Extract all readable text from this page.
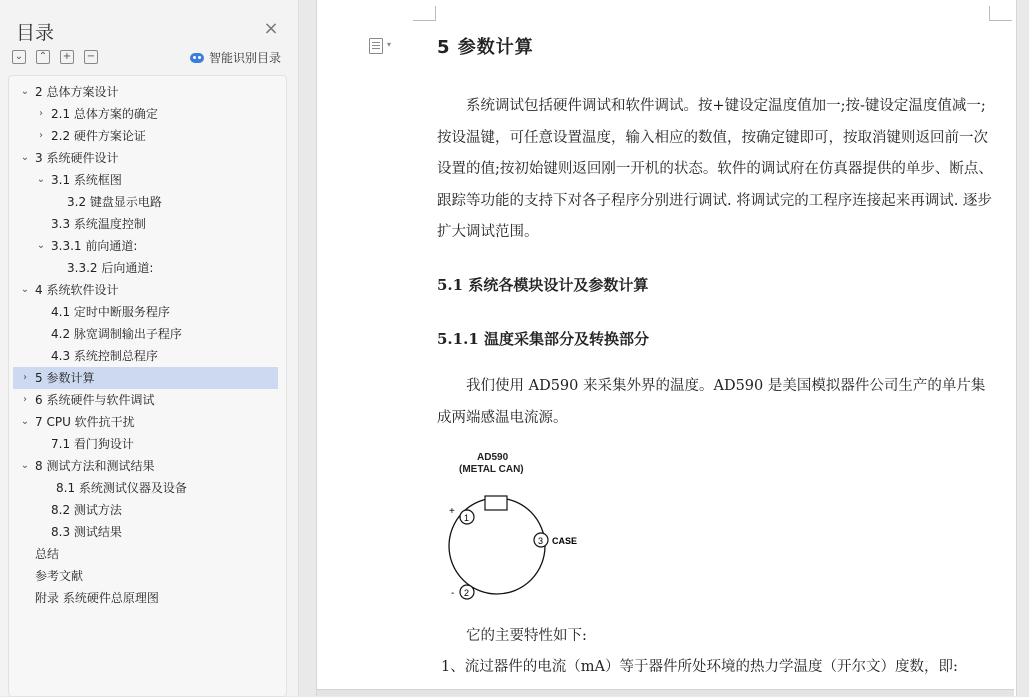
目录	×
⌄ ⌃ + −	智能识别目录
⌄ 2 总体方案设计
› 2.1 总体方案的确定
› 2.2 硬件方案论证
⌄ 3 系统硬件设计
⌄ 3.1 系统框图
3.2 键盘显示电路
3.3 系统温度控制
⌄ 3.3.1 前向通道:
3.3.2 后向通道:
⌄ 4 系统软件设计
4.1 定时中断服务程序
4.2 脉宽调制输出子程序
4.3 系统控制总程序
› 5 参数计算
› 6 系统硬件与软件调试
⌄ 7 CPU 软件抗干扰
7.1 看门狗设计
⌄ 8 测试方法和测试结果
8.1 系统测试仪器及设备
8.2 测试方法
8.3 测试结果
总结
参考文献
附录 系统硬件总原理图
▾	5 参数计算
系统调试包括硬件调试和软件调试。按+键设定温度值加一;按-键设定温度值减一;按设温键，可任意设置温度，输入相应的数值，按确定键即可，按取消键则返回前一次设置的值;按初始键则返回刚一开机的状态。软件的调试府在仿真器提供的单步、断点、跟踪等功能的支持下对各子程序分别进行调试. 将调试完的工程序连接起来再调试. 逐步扩大调试范围。
5.1 系统各模块设计及参数计算
5.1.1 温度采集部分及转换部分
我们使用 AD590 来采集外界的温度。AD590 是美国模拟器件公司生产的单片集成两端感温电流源。
AD590
(METAL CAN)
1
2
3
+
-
CASE
它的主要特性如下:
1、流过器件的电流（mA）等于器件所处环境的热力学温度（开尔文）度数，即:
